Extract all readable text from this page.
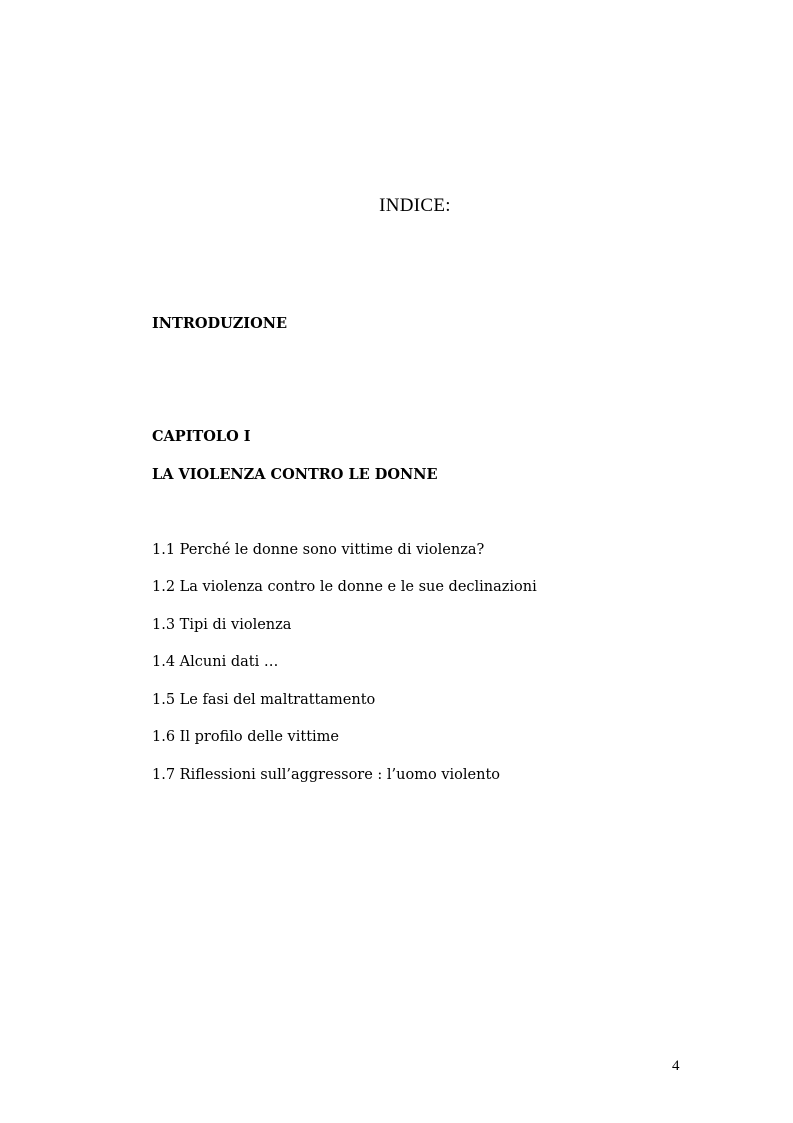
INDICE:
INTRODUZIONE
CAPITOLO I
LA VIOLENZA CONTRO LE DONNE
1.1 Perché le donne sono vittime di violenza?
1.2 La violenza contro le donne e le sue declinazioni
1.3 Tipi di violenza
1.4 Alcuni dati …
1.5 Le fasi del maltrattamento
1.6 Il profilo delle vittime
1.7 Riflessioni sull’aggressore : l’uomo violento
4
